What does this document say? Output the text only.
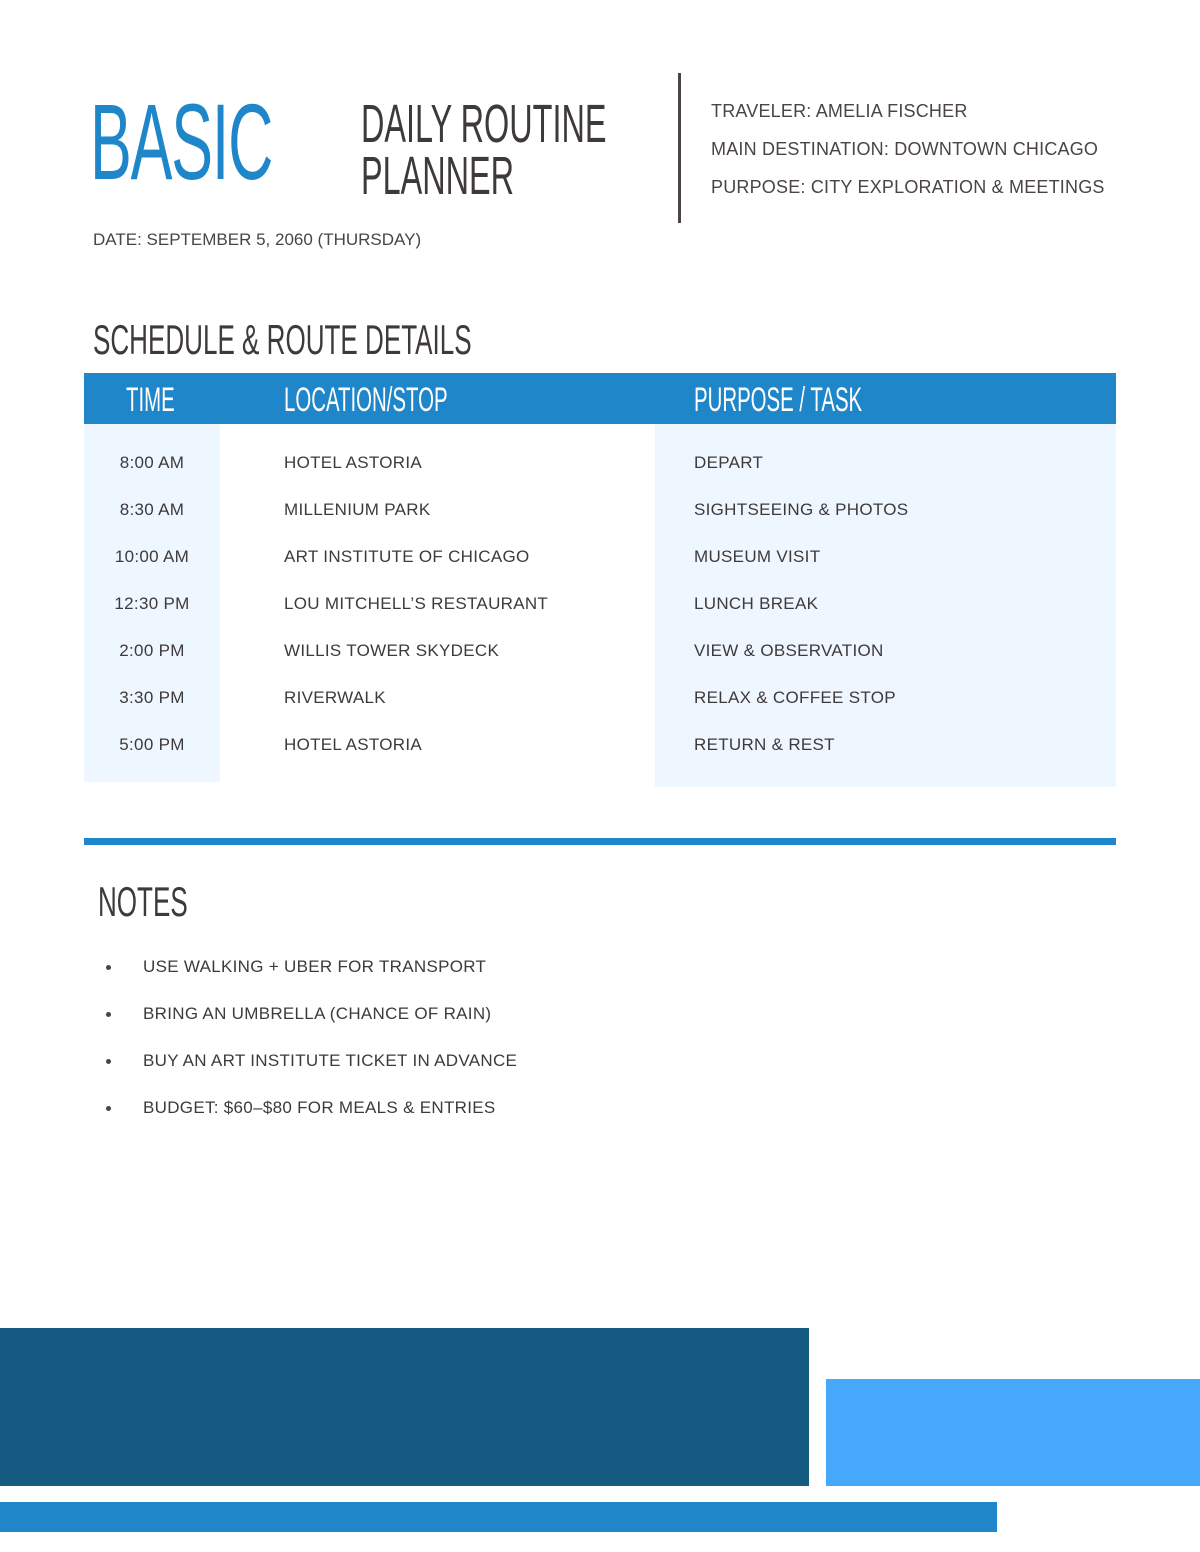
BASIC DAILY ROUTINE
PLANNER
TRAVELER: AMELIA FISCHER
MAIN DESTINATION: DOWNTOWN CHICAGO
PURPOSE: CITY EXPLORATION & MEETINGS
DATE: SEPTEMBER 5, 2060 (THURSDAY)
SCHEDULE & ROUTE DETAILS
TIME	LOCATION/STOP	PURPOSE / TASK
8:00 AM	HOTEL ASTORIA	DEPART
8:30 AM	MILLENIUM PARK	SIGHTSEEING & PHOTOS
10:00 AM	ART INSTITUTE OF CHICAGO	MUSEUM VISIT
12:30 PM	LOU MITCHELL’S RESTAURANT	LUNCH BREAK
2:00 PM	WILLIS TOWER SKYDECK	VIEW & OBSERVATION
3:30 PM	RIVERWALK	RELAX & COFFEE STOP
5:00 PM	HOTEL ASTORIA	RETURN & REST
NOTES
USE WALKING + UBER FOR TRANSPORT
BRING AN UMBRELLA (CHANCE OF RAIN)
BUY AN ART INSTITUTE TICKET IN ADVANCE
BUDGET: $60–$80 FOR MEALS & ENTRIES
